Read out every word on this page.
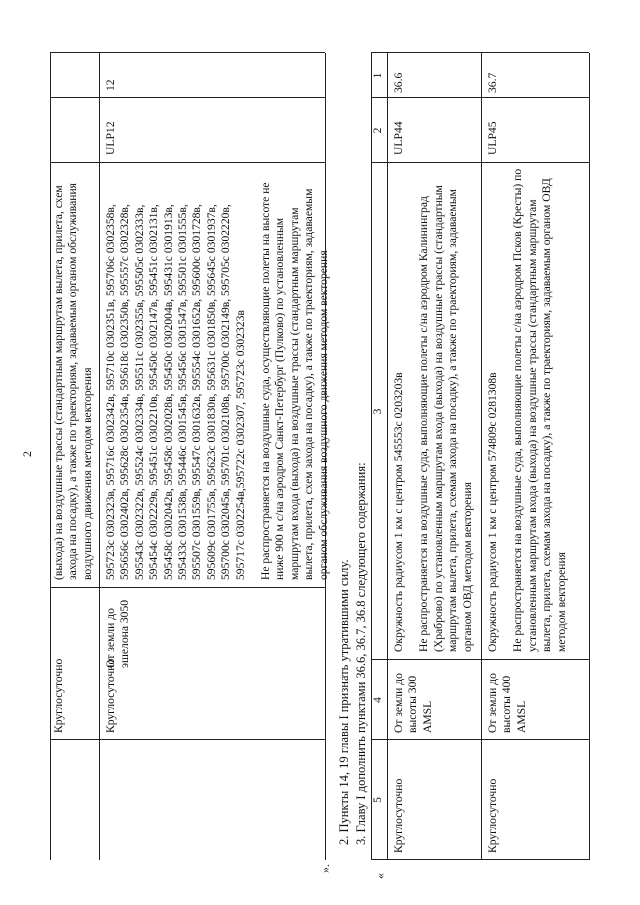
2 (выхода) на воздушные трассы (стандартным маршрутам вылета, прилета, схем захода на посадку), а также по траекториям, задаваемым органом обслуживания воздушного движения методом векторения
Круглосуточно
12
ULP12

595723c 0302323в, 595716c 0302342в, 595710c 0302351в, 595706c 0302358в, 595656c 0302402в, 595628c 0302354в, 595618c 0302350в, 595557c 0302328в, 595543c 0302322в, 595524c 0302334в, 595511c 0302355в, 595505c 0302333в, 595454c 0302229в, 595451c 0302210в, 595450c 0302147в, 595451c 0302131в, 595458c 0302042в, 595458c 0302028в, 595450c 0302004в, 595431c 0301913в, 595433c 0301538в, 595446c 0301545в, 595456c 0301547в, 595501c 0301555в, 595507c 0301559в, 595547c 0301632в, 595554c 0301652в, 595600c 0301728в, 595609c 0301755в, 595623c 0301830в, 595631c 0301850в, 595645c 0301937в, 595700c 0302045в, 595701c 0302108в, 595700c 0302149в, 595705c 0302220в, 595717c 0302254в,595722c 0302307, 595723c 0302323в Не распространяется на воздушные суда, осуществляющие полеты на высоте не ниже 900 м с/на аэродром Санкт-Петербург (Пулково) по установленным маршрутам входа (выхода) на воздушные трассы (стандартным маршрутам вылета, прилета, схем захода на посадку), а также по траекториям, задаваемым органом обслуживания воздушного движения методом векторения

От земли до эшелона 3050
Круглосуточно	2. Пункты 14, 19 главы I признать утратившими силу. 3. Главу I дополнить пунктами 36.6, 36.7, 36.8 следующего содержания:
«
».
1
2
3
4
5
36.6
ULP44

Окружность радиусом 1 км с центром 545553c 0203203в Не распространяется на воздушные суда, выполняющие полеты с/на аэродром Калининград (Храброво) по установленным маршрутам входа (выхода) на воздушные трассы (стандартным маршрутам вылета, прилета, схемам захода на посадку), а также по траекториям, задаваемым органом ОВД методом векторения

От земли до высоты 300 AMSL
Круглосуточно
36.7
ULP45

Окружность радиусом 1 км с центром 574809c 0281308в Не распространяется на воздушные суда, выполняющие полеты с/на аэродром Псков (Кресты) по установленным маршрутам входа (выхода) на воздушные трассы (стандартным маршрутам вылета, прилета, схемам захода на посадку), а также по траекториям, задаваемым органом ОВД методом векторения

От земли до высоты 400 AMSL
Круглосуточно
